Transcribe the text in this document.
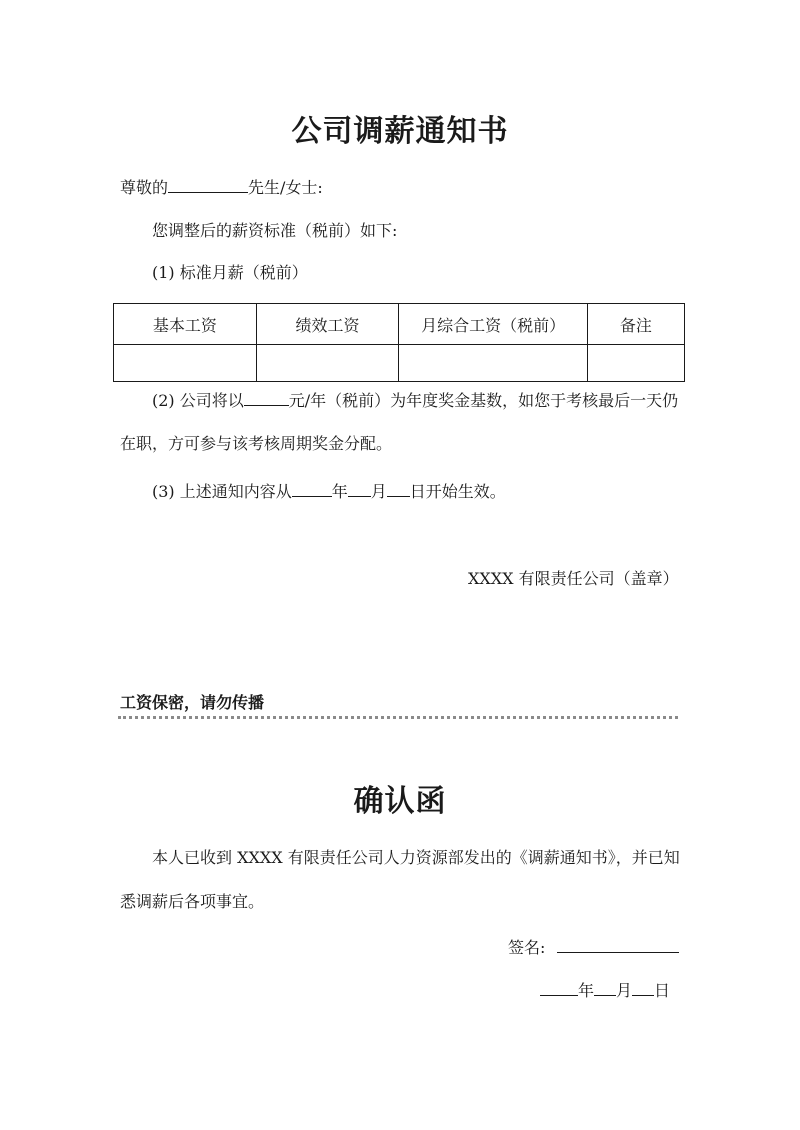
公司调薪通知书
尊敬的	先生/女士:
您调整后的薪资标准（税前）如下:
(1) 标准月薪（税前）
基本工资	绩效工资	月综合工资（税前）	备注

(2) 公司将以	元/年（税前）为年度奖金基数，如您于考核最后一天仍
在职，方可参与该考核周期奖金分配。
(3) 上述通知内容从	年 月 日开始生效。
XXXX 有限责任公司（盖章）
工资保密，请勿传播
确认函
本人已收到 XXXX 有限责任公司人力资源部发出的《调薪通知书》，并已知
悉调薪后各项事宜。
签名:
年 月 日
